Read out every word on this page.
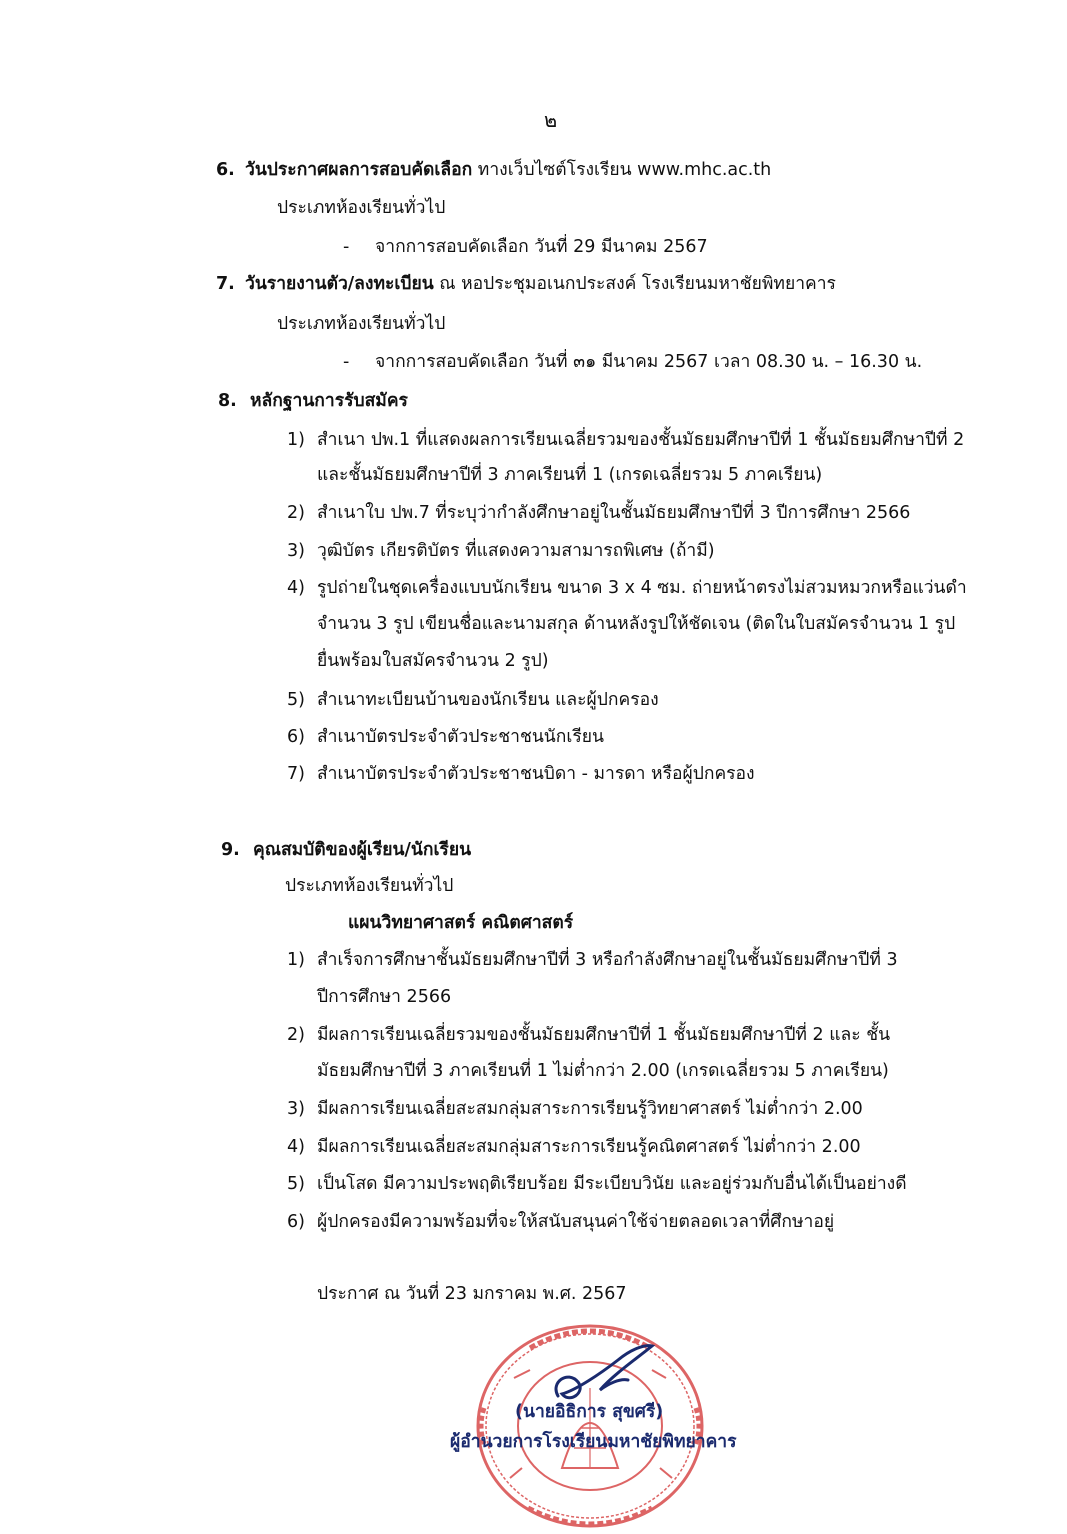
๒
6. วันประกาศผลการสอบคัดเลือก ทางเว็บไซต์โรงเรียน www.mhc.ac.th
ประเภทห้องเรียนทั่วไป
- จากการสอบคัดเลือก วันที่ 29 มีนาคม 2567
7. วันรายงานตัว/ลงทะเบียน ณ หอประชุมอเนกประสงค์ โรงเรียนมหาชัยพิทยาคาร
ประเภทห้องเรียนทั่วไป
- จากการสอบคัดเลือก วันที่ ๓๑ มีนาคม 2567 เวลา 08.30 น. – 16.30 น.
8. หลักฐานการรับสมัคร
1) สำเนา ปพ.1 ที่แสดงผลการเรียนเฉลี่ยรวมของชั้นมัธยมศึกษาปีที่ 1 ชั้นมัธยมศึกษาปีที่ 2
และชั้นมัธยมศึกษาปีที่ 3 ภาคเรียนที่ 1 (เกรดเฉลี่ยรวม 5 ภาคเรียน)
2) สำเนาใบ ปพ.7 ที่ระบุว่ากำลังศึกษาอยู่ในชั้นมัธยมศึกษาปีที่ 3 ปีการศึกษา 2566
3) วุฒิบัตร เกียรติบัตร ที่แสดงความสามารถพิเศษ (ถ้ามี)
4) รูปถ่ายในชุดเครื่องแบบนักเรียน ขนาด 3 x 4 ซม. ถ่ายหน้าตรงไม่สวมหมวกหรือแว่นดำ
จำนวน 3 รูป เขียนชื่อและนามสกุล ด้านหลังรูปให้ชัดเจน (ติดในใบสมัครจำนวน 1 รูป
ยื่นพร้อมใบสมัครจำนวน 2 รูป)
5) สำเนาทะเบียนบ้านของนักเรียน และผู้ปกครอง
6) สำเนาบัตรประจำตัวประชาชนนักเรียน
7) สำเนาบัตรประจำตัวประชาชนบิดา - มารดา หรือผู้ปกครอง
9. คุณสมบัติของผู้เรียน/นักเรียน
ประเภทห้องเรียนทั่วไป
แผนวิทยาศาสตร์ คณิตศาสตร์
1) สำเร็จการศึกษาชั้นมัธยมศึกษาปีที่ 3 หรือกำลังศึกษาอยู่ในชั้นมัธยมศึกษาปีที่ 3
ปีการศึกษา 2566
2) มีผลการเรียนเฉลี่ยรวมของชั้นมัธยมศึกษาปีที่ 1 ชั้นมัธยมศึกษาปีที่ 2 และ ชั้น
มัธยมศึกษาปีที่ 3 ภาคเรียนที่ 1 ไม่ต่ำกว่า 2.00 (เกรดเฉลี่ยรวม 5 ภาคเรียน)
3) มีผลการเรียนเฉลี่ยสะสมกลุ่มสาระการเรียนรู้วิทยาศาสตร์ ไม่ต่ำกว่า 2.00
4) มีผลการเรียนเฉลี่ยสะสมกลุ่มสาระการเรียนรู้คณิตศาสตร์ ไม่ต่ำกว่า 2.00
5) เป็นโสด มีความประพฤติเรียบร้อย มีระเบียบวินัย และอยู่ร่วมกับอื่นได้เป็นอย่างดี
6) ผู้ปกครองมีความพร้อมที่จะให้สนับสนุนค่าใช้จ่ายตลอดเวลาที่ศึกษาอยู่
ประกาศ ณ วันที่ 23 มกราคม พ.ศ. 2567
(นายอิธิการ สุขศรี)
ผู้อำนวยการโรงเรียนมหาชัยพิทยาคาร
